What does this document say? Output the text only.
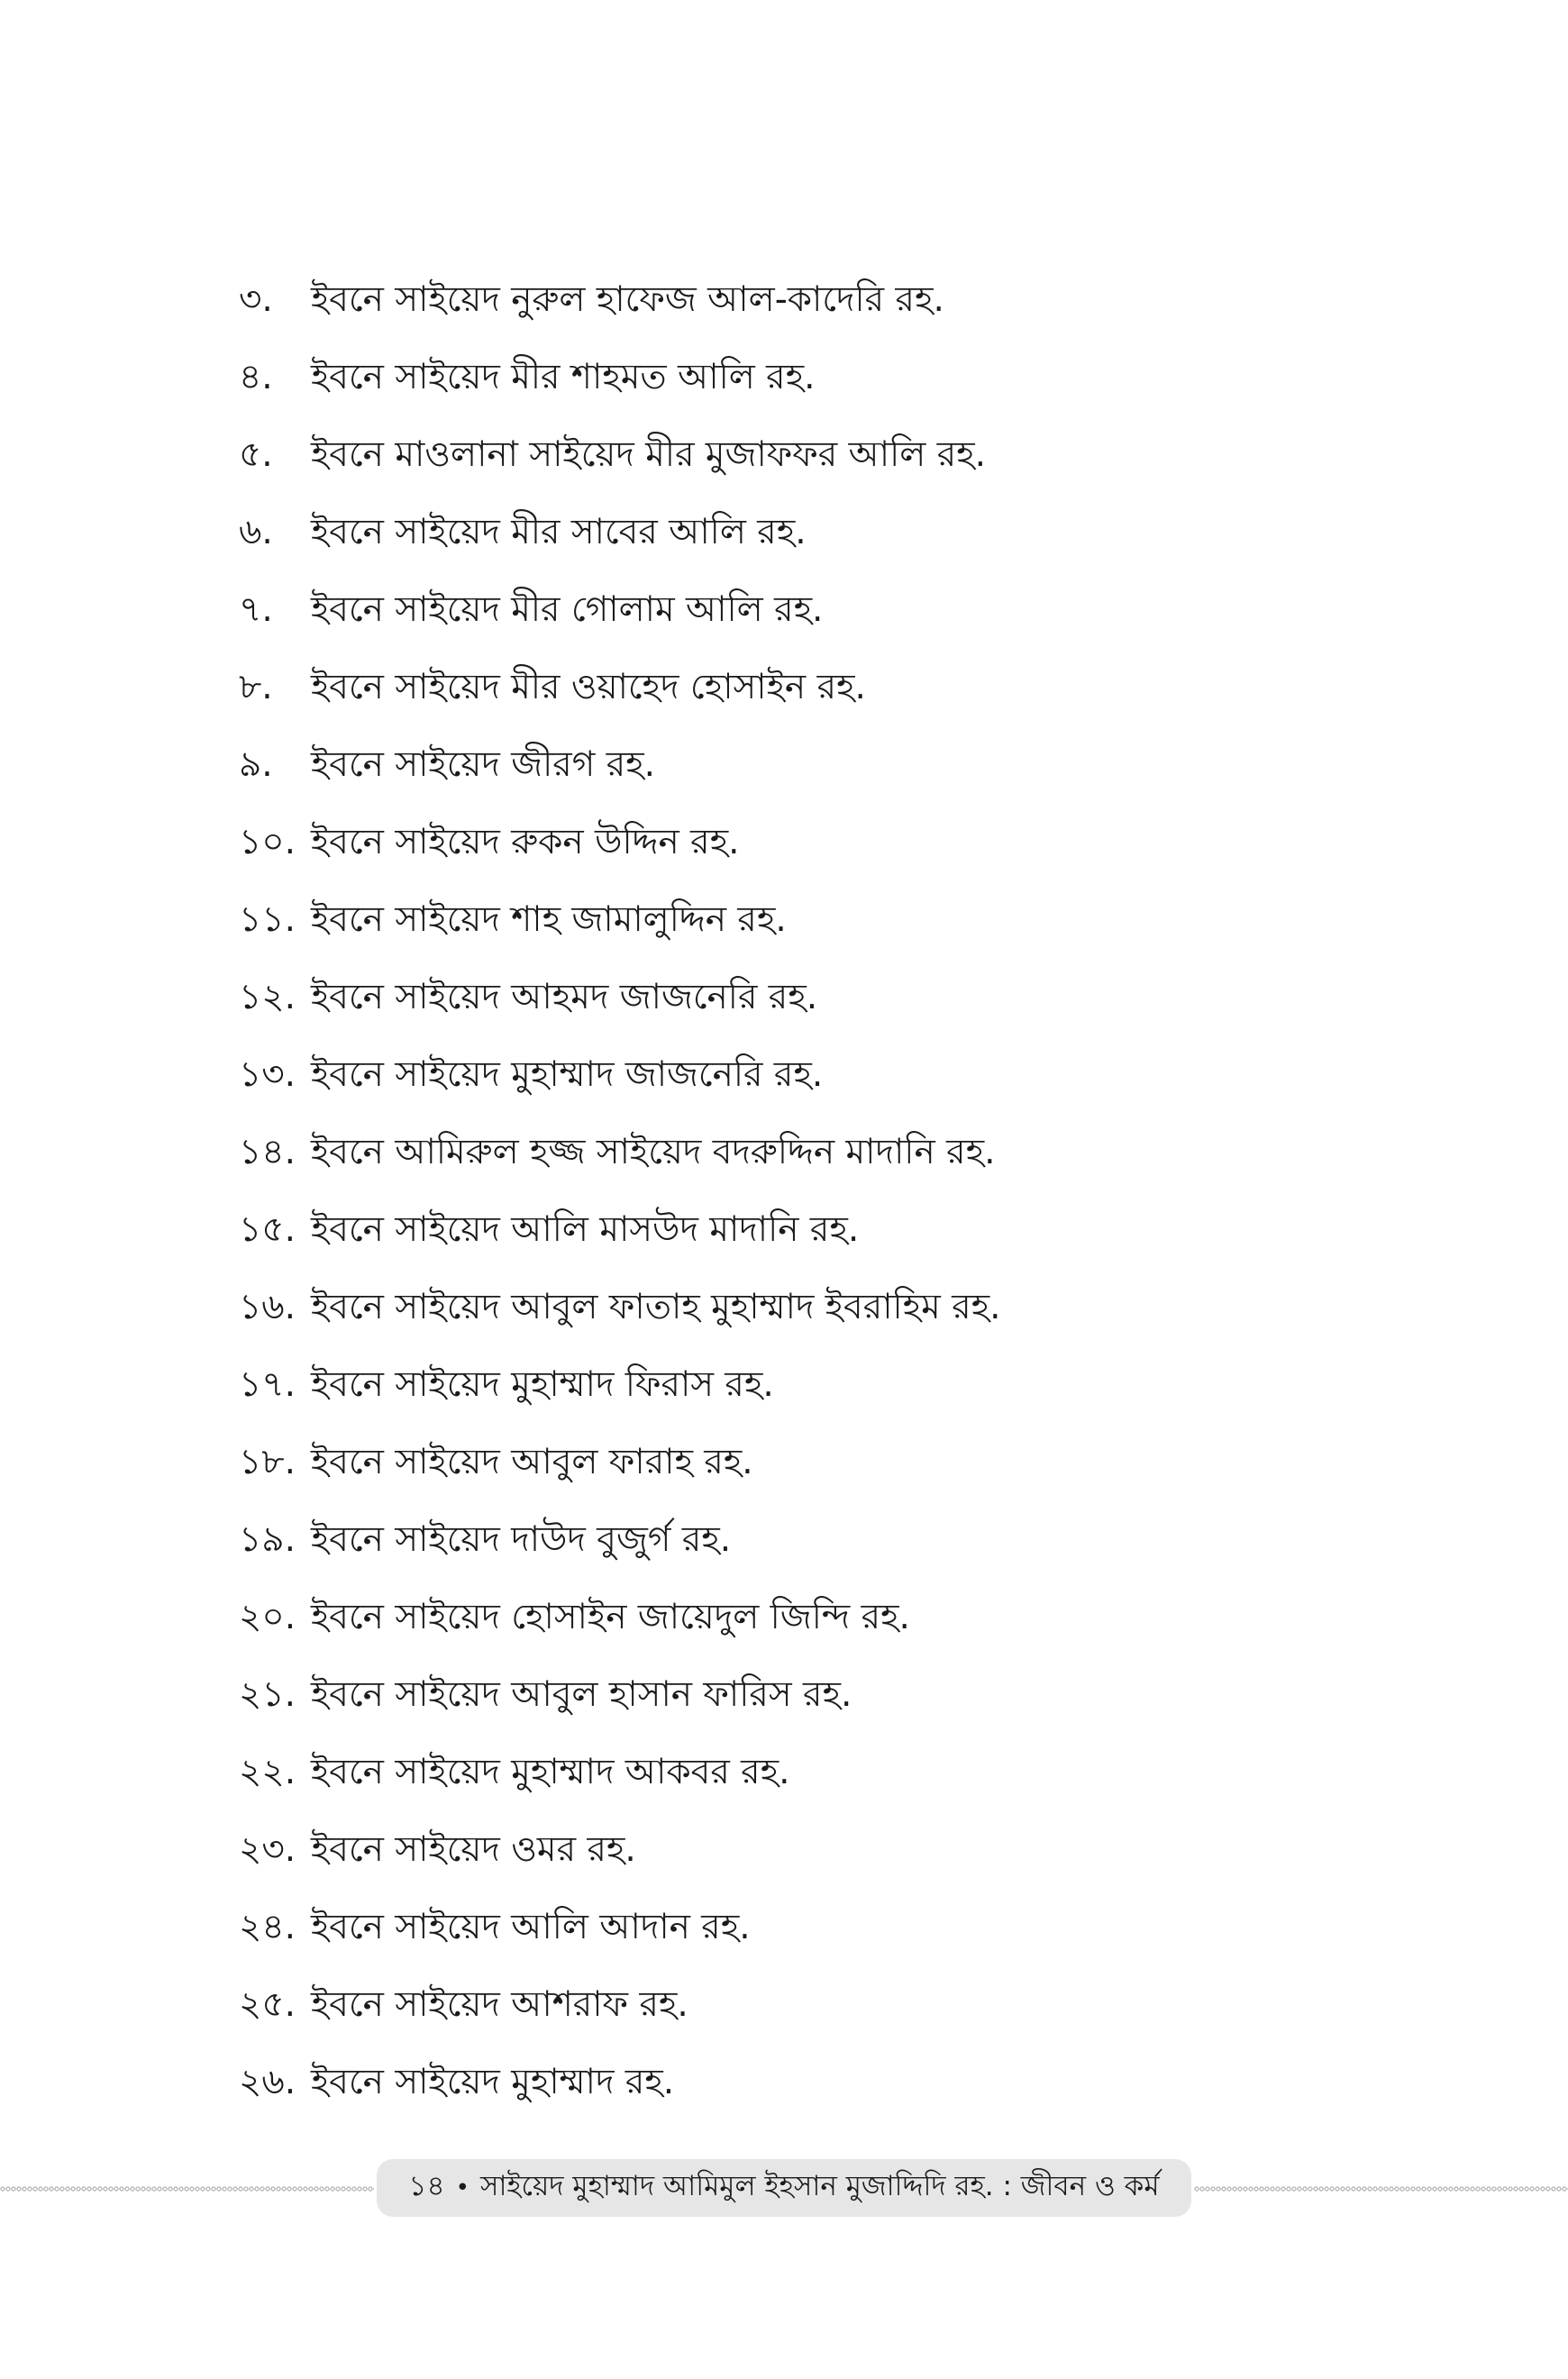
৩.	ইবনে সাইয়েদ নুরুল হাফেজ আল-কাদেরি রহ.
৪.	ইবনে সাইয়েদ মীর শাহমত আলি রহ.
৫.	ইবনে মাওলানা সাইয়েদ মীর মুজাফফর আলি রহ.
৬.	ইবনে সাইয়েদ মীর সাবের আলি রহ.
৭.	ইবনে সাইয়েদ মীর গোলাম আলি রহ.
৮.	ইবনে সাইয়েদ মীর ওয়াহেদ হোসাইন রহ.
৯.	ইবনে সাইয়েদ জীরগ রহ.
১০. ইবনে সাইয়েদ রুকন উদ্দিন রহ.
১১. ইবনে সাইয়েদ শাহ জামালুদ্দিন রহ.
১২. ইবনে সাইয়েদ আহমদ জাজনেরি রহ.
১৩. ইবনে সাইয়েদ মুহাম্মাদ জাজনেরি রহ.
১৪. ইবনে আমিরুল হজ্জ সাইয়েদ বদরুদ্দিন মাদানি রহ.
১৫. ইবনে সাইয়েদ আলি মাসউদ মাদানি রহ.
১৬. ইবনে সাইয়েদ আবুল ফাতাহ মুহাম্মাদ ইবরাহিম রহ.
১৭. ইবনে সাইয়েদ মুহাম্মাদ ফিরাস রহ.
১৮. ইবনে সাইয়েদ আবুল ফারাহ রহ.
১৯. ইবনে সাইয়েদ দাউদ বুজুর্গ রহ.
২০. ইবনে সাইয়েদ হোসাইন জায়েদুল জিন্দি রহ.
২১. ইবনে সাইয়েদ আবুল হাসান ফারিস রহ.
২২. ইবনে সাইয়েদ মুহাম্মাদ আকবর রহ.
২৩. ইবনে সাইয়েদ ওমর রহ.
২৪. ইবনে সাইয়েদ আলি আদান রহ.
২৫. ইবনে সাইয়েদ আশরাফ রহ.
২৬. ইবনে সাইয়েদ মুহাম্মাদ রহ.
১৪ • সাইয়েদ মুহাম্মাদ আমিমুল ইহসান মুজাদ্দিদি রহ. : জীবন ও কর্ম
